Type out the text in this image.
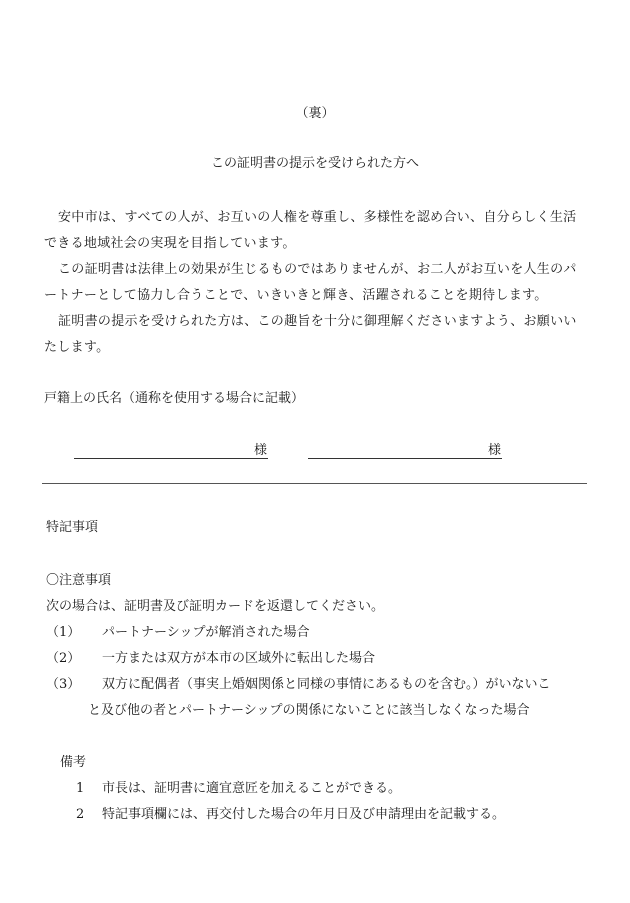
（裏）
この証明書の提示を受けられた方へ

安中市は、すべての人が、お互いの人権を尊重し、多様性を認め合い、自分らしく生活できる地域社会の実現を目指しています。

この証明書は法律上の効果が生じるものではありませんが、お二人がお互いを人生のパートナーとして協力し合うことで、いきいきと輝き、活躍されることを期待します。

証明書の提示を受けられた方は、この趣旨を十分に御理解くださいますよう、お願いいたします。

戸籍上の氏名（通称を使用する場合に記載）
様	様
特記事項
〇注意事項
次の場合は、証明書及び証明カードを返還してください。
（1） パートナーシップが解消された場合
（2） 一方または双方が本市の区域外に転出した場合
（3） 双方に配偶者（事実上婚姻関係と同様の事情にあるものを含む。）がいないこ
と及び他の者とパートナーシップの関係にないことに該当しなくなった場合
備考
1 市長は、証明書に適宜意匠を加えることができる。
2 特記事項欄には、再交付した場合の年月日及び申請理由を記載する。
